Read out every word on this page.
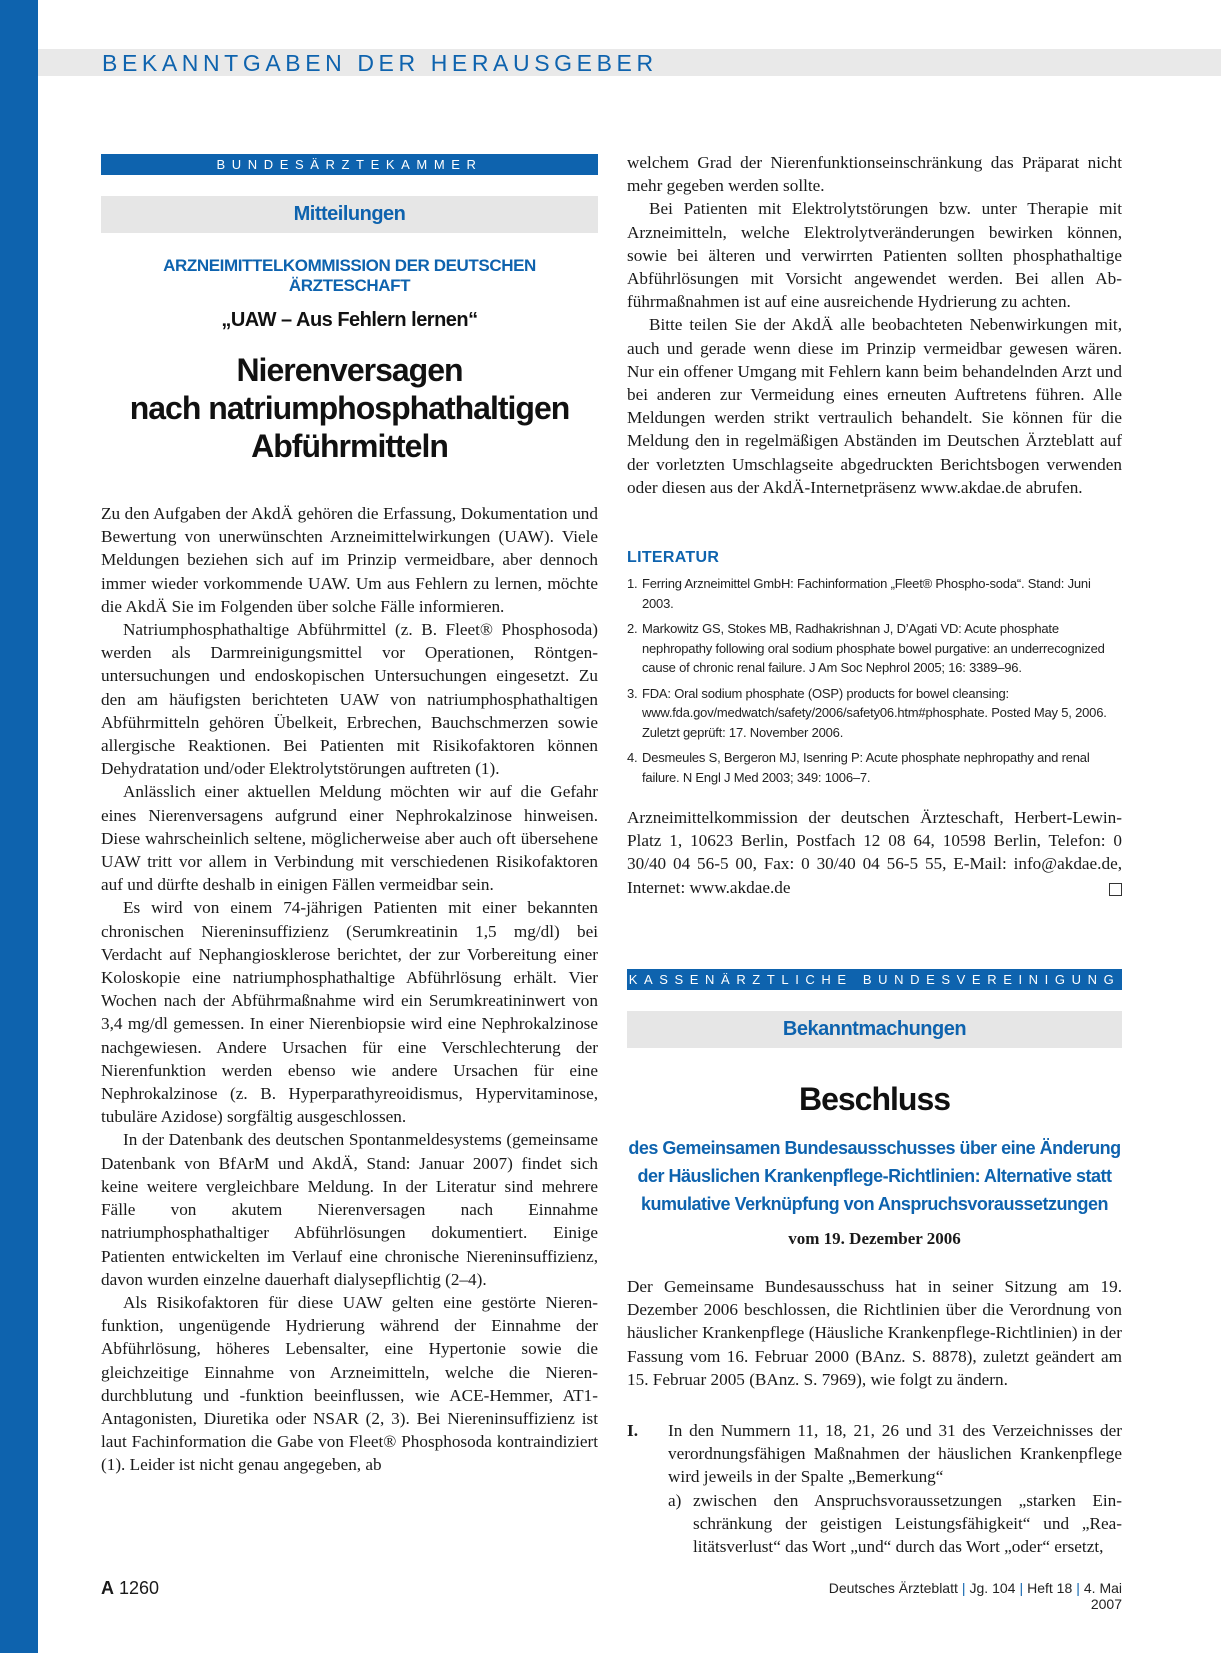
BEKANNTGABEN DER HERAUSGEBER
BUNDESÄRZTEKAMMER
Mitteilungen
ARZNEIMITTELKOMMISSION DER DEUTSCHEN ÄRZTESCHAFT
„UAW – Aus Fehlern lernen“
Nierenversagen
nach natriumphosphathaltigen
Abführmitteln

Zu den Aufgaben der AkdÄ gehören die Erfassung, Dokumentation und Bewertung von unerwünschten Arzneimittelwirkungen (UAW). Viele Meldungen beziehen sich auf im Prinzip vermeidbare, aber dennoch immer wieder vorkommende UAW. Um aus Fehlern zu lernen, möchte die AkdÄ Sie im Folgenden über solche Fälle informieren.

Natriumphosphathaltige Abführmittel (z. B. Fleet® Phosphosoda) werden als Darmreinigungsmittel vor Operationen, Röntgenuntersuchungen und endoskopischen Untersuchungen eingesetzt. Zu den am häufigsten berichteten UAW von natriumphosphathaltigen Abführmitteln gehören Übelkeit, Erbrechen, Bauchschmerzen sowie allergische Reaktionen. Bei Patienten mit Risikofaktoren können Dehydratation und/oder Elektrolytstörungen auftreten (1).

Anlässlich einer aktuellen Meldung möchten wir auf die Gefahr eines Nierenversagens aufgrund einer Nephrokalzinose hinweisen. Diese wahrscheinlich seltene, möglicherweise aber auch oft übersehene UAW tritt vor allem in Verbindung mit verschiedenen Risikofaktoren auf und dürfte deshalb in einigen Fällen vermeidbar sein.

Es wird von einem 74-jährigen Patienten mit einer bekannten chronischen Niereninsuffizienz (Serumkreatinin 1,5 mg/dl) bei Verdacht auf Nephangiosklerose berichtet, der zur Vorbereitung einer Koloskopie eine natriumphosphathaltige Abführlösung erhält. Vier Wochen nach der Abführmaßnahme wird ein Serumkreatininwert von 3,4 mg/dl gemessen. In einer Nierenbiopsie wird eine Nephrokalzinose nachgewiesen. Andere Ursachen für eine Verschlechterung der Nierenfunktion werden ebenso wie andere Ursachen für eine Nephrokalzinose (z. B. Hyperparathyreoidismus, Hypervitaminose, tubuläre Azidose) sorgfältig ausgeschlossen.

In der Datenbank des deutschen Spontanmeldesystems (gemeinsame Datenbank von BfArM und AkdÄ, Stand: Januar 2007) findet sich keine weitere vergleichbare Meldung. In der Literatur sind mehrere Fälle von akutem Nierenversagen nach Einnahme natriumphosphathaltiger Abführlösungen dokumentiert. Einige Patienten entwickelten im Verlauf eine chronische Niereninsuffizienz, davon wurden einzelne dauerhaft dialysepflichtig (2–4).

Als Risikofaktoren für diese UAW gelten eine gestörte Nierenfunktion, ungenügende Hydrierung während der Einnahme der Abführlösung, höheres Lebensalter, eine Hypertonie sowie die gleichzeitige Einnahme von Arzneimitteln, welche die Nierendurchblutung und -funktion beeinflussen, wie ACE-Hemmer, AT1-Antagonisten, Diuretika oder NSAR (2, 3). Bei Niereninsuffizienz ist laut Fachinformation die Gabe von Fleet® Phosphosoda kontraindiziert (1). Leider ist nicht genau angegeben, ab

welchem Grad der Nierenfunktionseinschränkung das Präparat nicht mehr gegeben werden sollte.

Bei Patienten mit Elektrolytstörungen bzw. unter Therapie mit Arzneimitteln, welche Elektrolytveränderungen bewirken können, sowie bei älteren und verwirrten Patienten sollten phosphathaltige Abführlösungen mit Vorsicht angewendet werden. Bei allen Abführmaßnahmen ist auf eine ausreichende Hydrierung zu achten.

Bitte teilen Sie der AkdÄ alle beobachteten Nebenwirkungen mit, auch und gerade wenn diese im Prinzip vermeidbar gewesen wären. Nur ein offener Umgang mit Fehlern kann beim behandelnden Arzt und bei anderen zur Vermeidung eines erneuten Auftretens führen. Alle Meldungen werden strikt vertraulich behandelt. Sie können für die Meldung den in regelmäßigen Abständen im Deutschen Ärzteblatt auf der vorletzten Umschlagseite abgedruckten Berichtsbogen verwenden oder diesen aus der AkdÄ-Internetpräsenz www.akdae.de abrufen.

LITERATUR
1. Ferring Arzneimittel GmbH: Fachinformation „Fleet® Phospho-soda“. Stand: Juni 2003.
2. Markowitz GS, Stokes MB, Radhakrishnan J, D’Agati VD: Acute phosphate nephropathy following oral sodium phosphate bowel purgative: an underrecognized cause of chronic renal failure. J Am Soc Nephrol 2005; 16: 3389–96.
3. FDA: Oral sodium phosphate (OSP) products for bowel cleansing: www.fda.gov/medwatch/safety/2006/safety06.htm#phosphate. Posted May 5, 2006. Zuletzt geprüft: 17. November 2006.
4. Desmeules S, Bergeron MJ, Isenring P: Acute phosphate nephropathy and renal failure. N Engl J Med 2003; 349: 1006–7.

Arzneimittelkommission der deutschen Ärzteschaft, Herbert-Lewin-Platz 1, 10623 Berlin, Postfach 12 08 64, 10598 Berlin, Telefon: 0 30/40 04 56-5 00, Fax: 0 30/40 04 56-5 55, E-Mail: info@akdae.de, Internet: www.akdae.de

KASSENÄRZTLICHE BUNDESVEREINIGUNG
Bekanntmachungen
Beschluss
des Gemeinsamen Bundesausschusses über eine Änderung
der Häuslichen Krankenpflege-Richtlinien: Alternative statt
kumulative Verknüpfung von Anspruchsvoraussetzungen
vom 19. Dezember 2006

Der Gemeinsame Bundesausschuss hat in seiner Sitzung am 19. Dezember 2006 beschlossen, die Richtlinien über die Verordnung von häuslicher Krankenpflege (Häusliche Krankenpflege-Richtlinien) in der Fassung vom 16. Februar 2000 (BAnz. S. 8878), zuletzt geändert am 15. Februar 2005 (BAnz. S. 7969), wie folgt zu ändern.

I. In den Nummern 11, 18, 21, 26 und 31 des Verzeichnisses der verordnungsfähigen Maßnahmen der häuslichen Krankenpflege wird jeweils in der Spalte „Bemerkung“
a) zwischen den Anspruchsvoraussetzungen „starken Einschränkung der geistigen Leistungsfähigkeit“ und „Realitätsverlust“ das Wort „und“ durch das Wort „oder“ ersetzt,
A 1260	Deutsches Ärzteblatt | Jg. 104 | Heft 18 | 4. Mai 2007
